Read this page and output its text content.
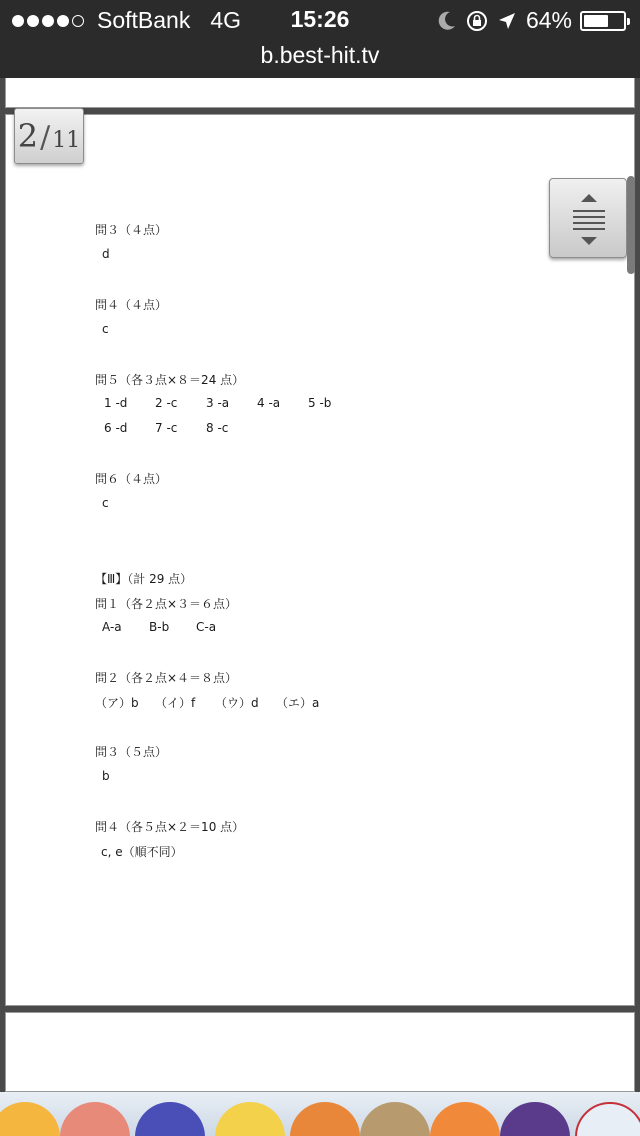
SoftBank 4G	15:26	64%
b.best-hit.tv
2/11
問３（４点）
d
問４（４点）
c
問５（各３点×８＝24 点）
1 -d 2 -c 3 -a 4 -a 5 -b
6 -d 7 -c 8 -c
問６（４点）
c
【Ⅲ】（計 29 点）
問１（各２点×３＝６点）
A-a B-b C-a
問２（各２点×４＝８点）
（ア）b （イ）f （ウ）d （エ）a
問３（５点）
b
問４（各５点×２＝10 点）
c, e（順不同）
